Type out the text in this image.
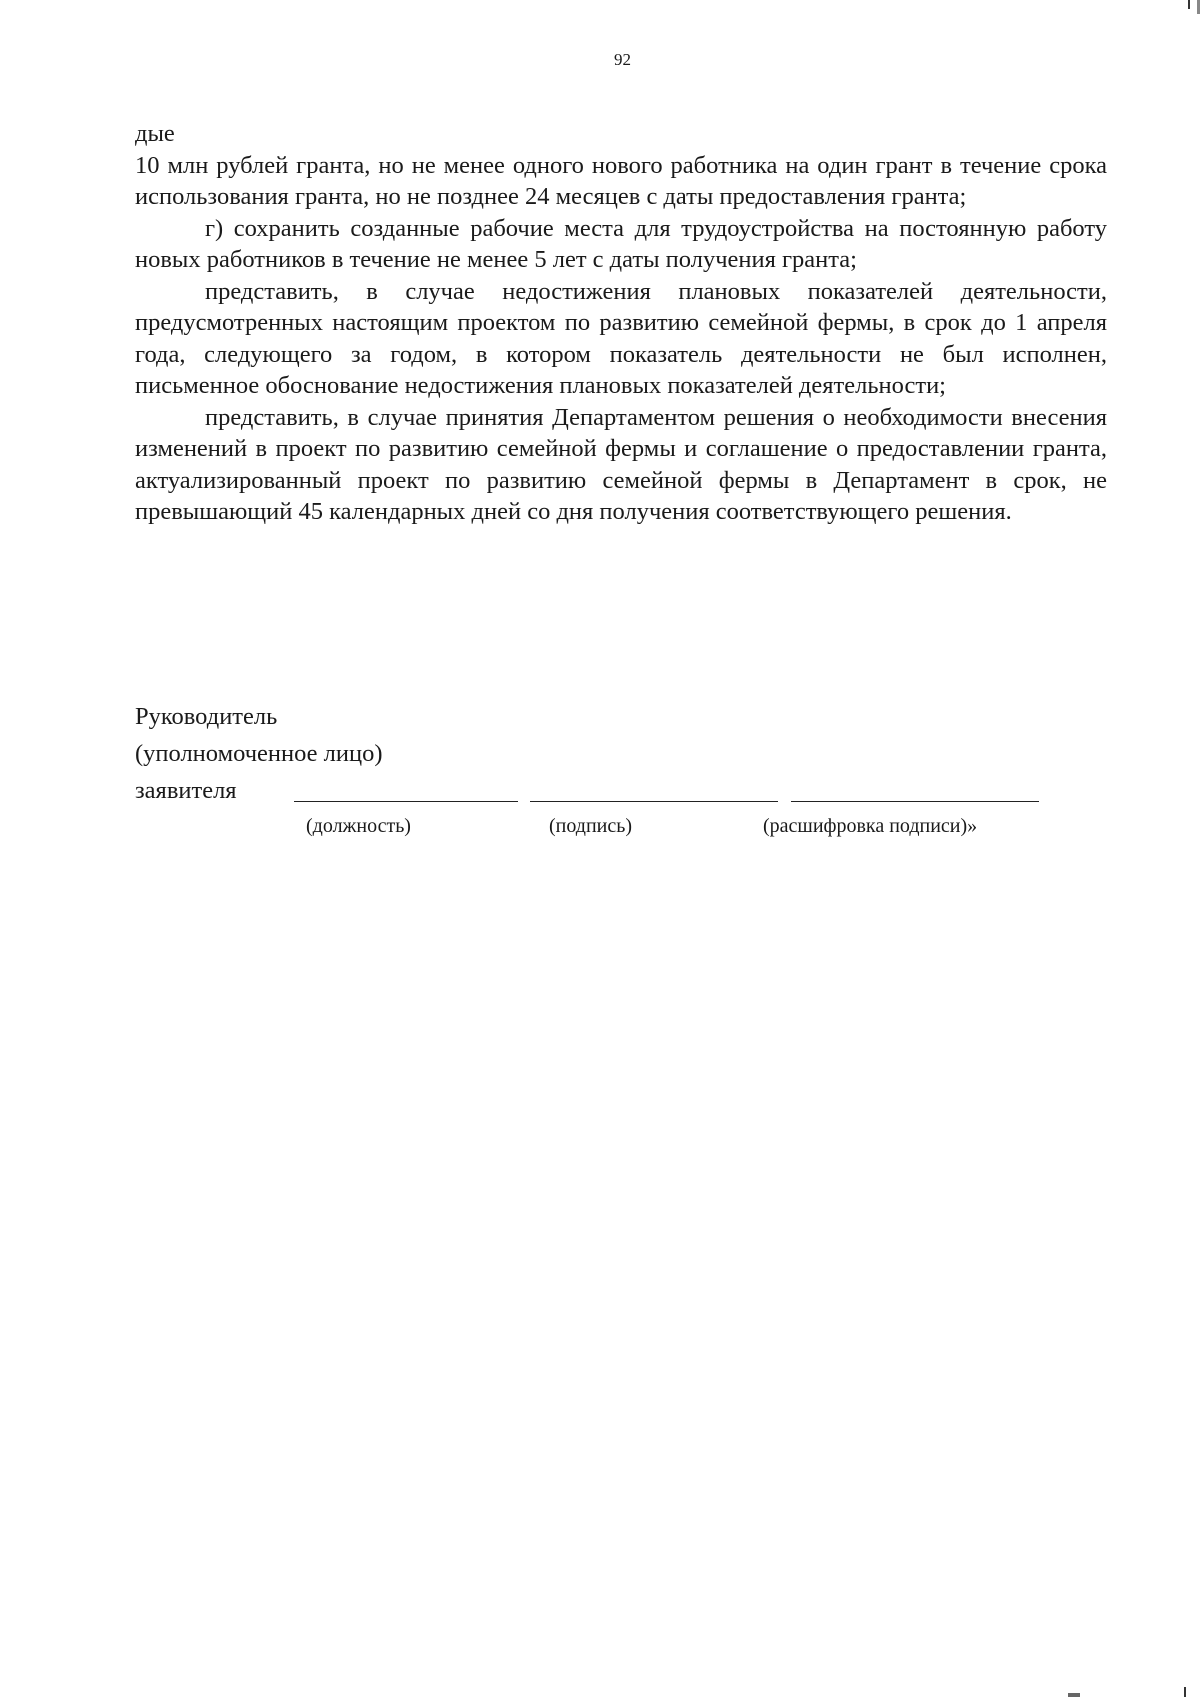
92

дые

10 млн рублей гранта, но не менее одного нового работника на один грант в течение срока использования гранта, но не позднее 24 месяцев с даты предоставления гранта;

г) сохранить созданные рабочие места для трудоустройства на постоянную работу новых работников в течение не менее 5 лет с даты получения гранта;

представить, в случае недостижения плановых показателей деятельности, предусмотренных настоящим проектом по развитию семейной фермы, в срок до 1 апреля года, следующего за годом, в котором показатель деятельности не был исполнен, письменное обоснование недостижения плановых показателей деятельности;

представить, в случае принятия Департаментом решения о необходимости внесения изменений в проект по развитию семейной фермы и соглашение о предоставлении гранта, актуализированный проект по развитию семейной фермы в Департамент в срок, не превышающий 45 календарных дней со дня получения соответствующего решения.

Руководитель
(уполномоченное лицо)
заявителя
(должность)	(подпись)	(расшифровка подписи)»
